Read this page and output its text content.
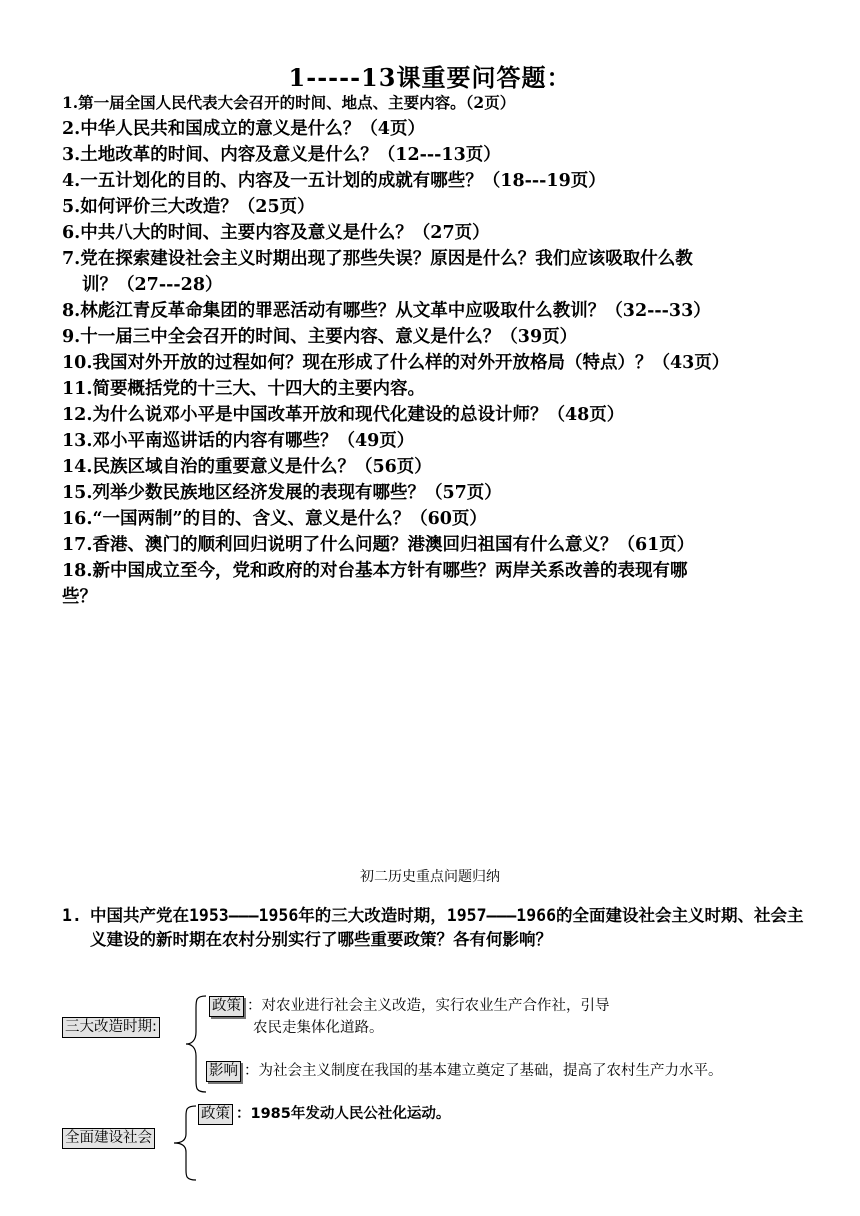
1-----13课重要问答题：

1.第一届全国人民代表大会召开的时间、地点、主要内容。（2页）

2.中华人民共和国成立的意义是什么？（4页）

3.土地改革的时间、内容及意义是什么？（12---13页）

4.一五计划化的目的、内容及一五计划的成就有哪些？（18---19页）

5.如何评价三大改造？（25页）

6.中共八大的时间、主要内容及意义是什么？（27页）

7.党在探索建设社会主义时期出现了那些失误？原因是什么？我们应该吸取什么教

训？（27---28）

8.林彪江青反革命集团的罪恶活动有哪些？从文革中应吸取什么教训？（32---33）

9.十一届三中全会召开的时间、主要内容、意义是什么？（39页）

10.我国对外开放的过程如何？现在形成了什么样的对外开放格局（特点）？（43页）

11.简要概括党的十三大、十四大的主要内容。

12.为什么说邓小平是中国改革开放和现代化建设的总设计师？（48页）

13.邓小平南巡讲话的内容有哪些？（49页）

14.民族区域自治的重要意义是什么？（56页）

15.列举少数民族地区经济发展的表现有哪些？（57页）

16.“一国两制”的目的、含义、意义是什么？（60页）

17.香港、澳门的顺利回归说明了什么问题？港澳回归祖国有什么意义？（61页）

18.新中国成立至今，党和政府的对台基本方针有哪些？两岸关系改善的表现有哪

些？

初二历史重点问题归纳
1. 中国共产党在1953———1956年的三大改造时期，1957———1966的全面建设社会主义时期、社会主义建设的新时期在农村分别实行了哪些重要政策？各有何影响？
三大改造时期:
政策 ：对农业进行社会主义改造，实行农业生产合作社，引导
农民走集体化道路。
影响 ：为社会主义制度在我国的基本建立奠定了基础，提高了农村生产力水平。
全面建设社会
政策 ：1985年发动人民公社化运动。
